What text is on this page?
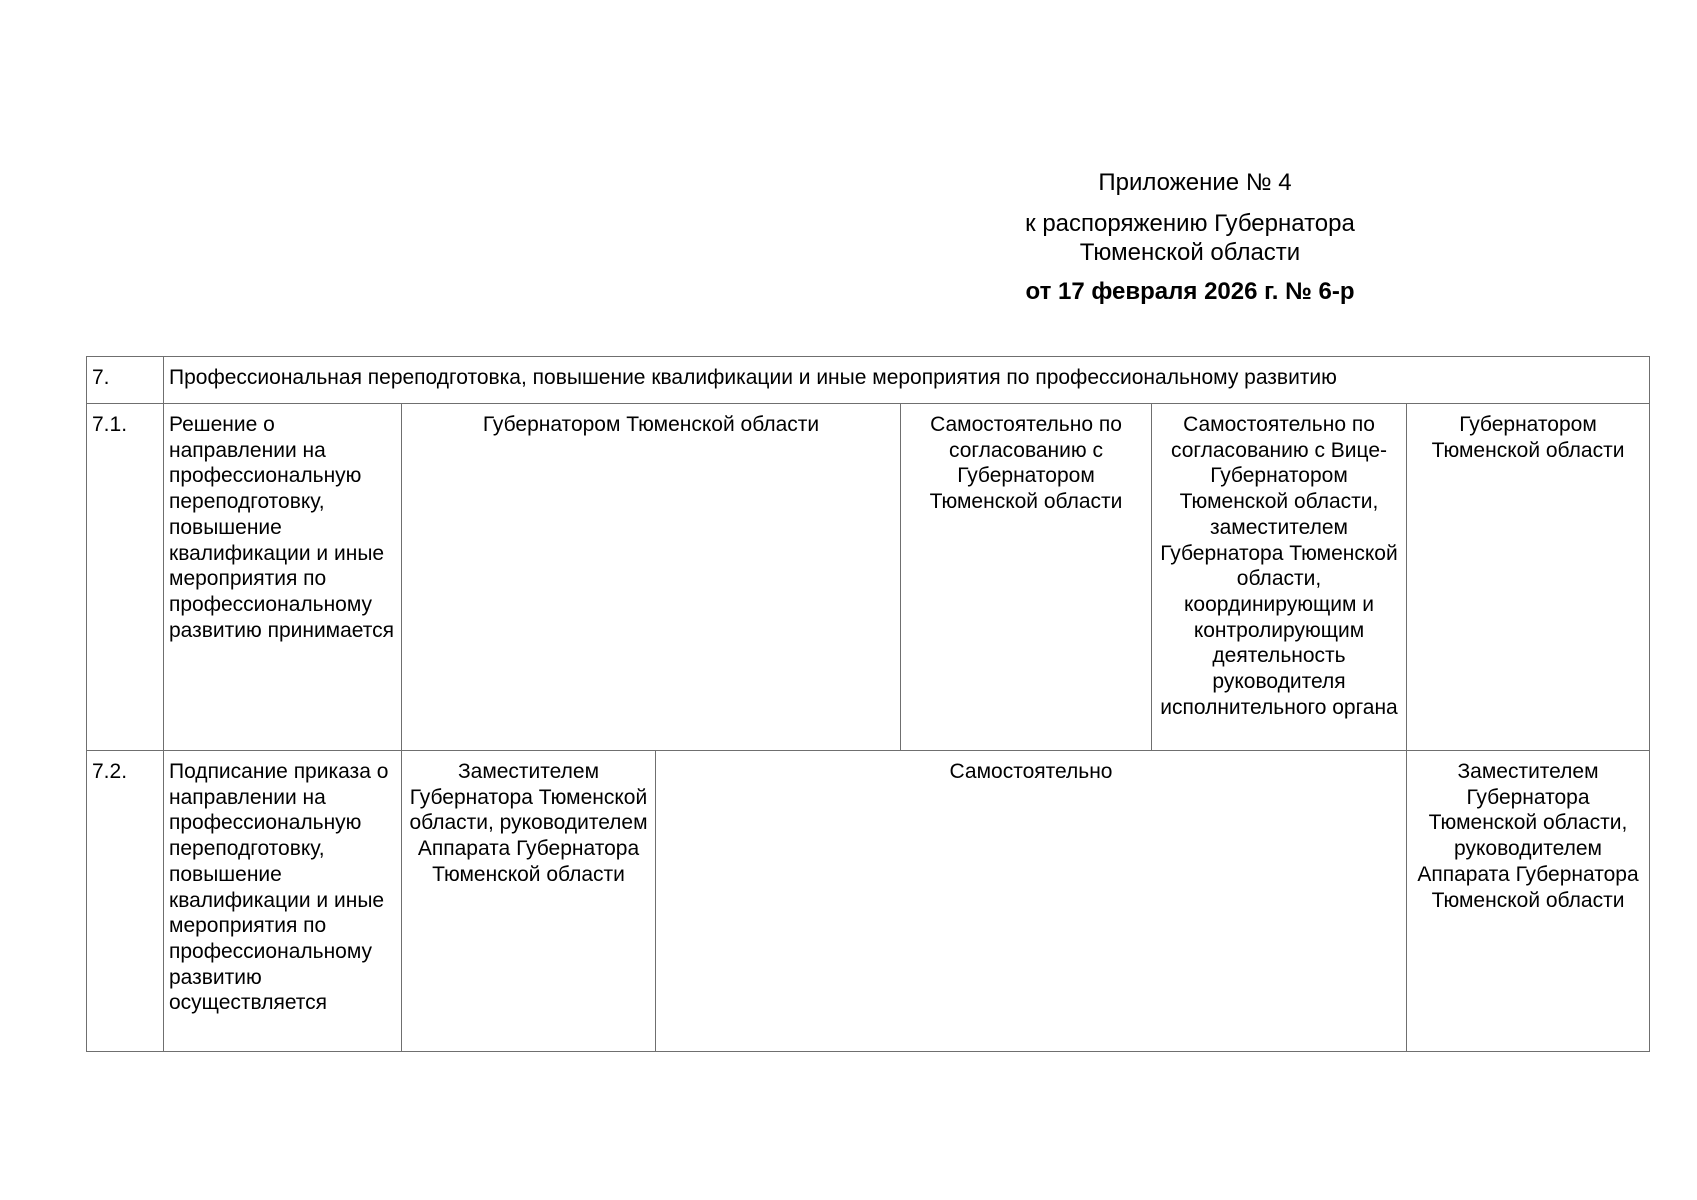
Приложение № 4
к распоряжению Губернатора
Тюменской области
от 17 февраля 2026 г. № 6-р
7.	Профессиональная переподготовка, повышение квалификации и иные мероприятия по профессиональному развитию					
7.1.	Решение о направлении на профессиональную переподготовку, повышение квалификации и иные мероприятия по профессиональному развитию принимается	Губернатором Тюменской области		Самостоятельно по согласованию с Губернатором Тюменской области	Самостоятельно по согласованию с Вице-Губернатором Тюменской области, заместителем Губернатора Тюменской области, координирующим и контролирующим деятельность руководителя исполнительного органа	Губернатором Тюменской области
7.2.	Подписание приказа о направлении на профессиональную переподготовку, повышение квалификации и иные мероприятия по профессиональному развитию осуществляется	Заместителем Губернатора Тюменской области, руководителем Аппарата Губернатора Тюменской области	Самостоятельно			Заместителем Губернатора Тюменской области, руководителем Аппарата Губернатора Тюменской области
